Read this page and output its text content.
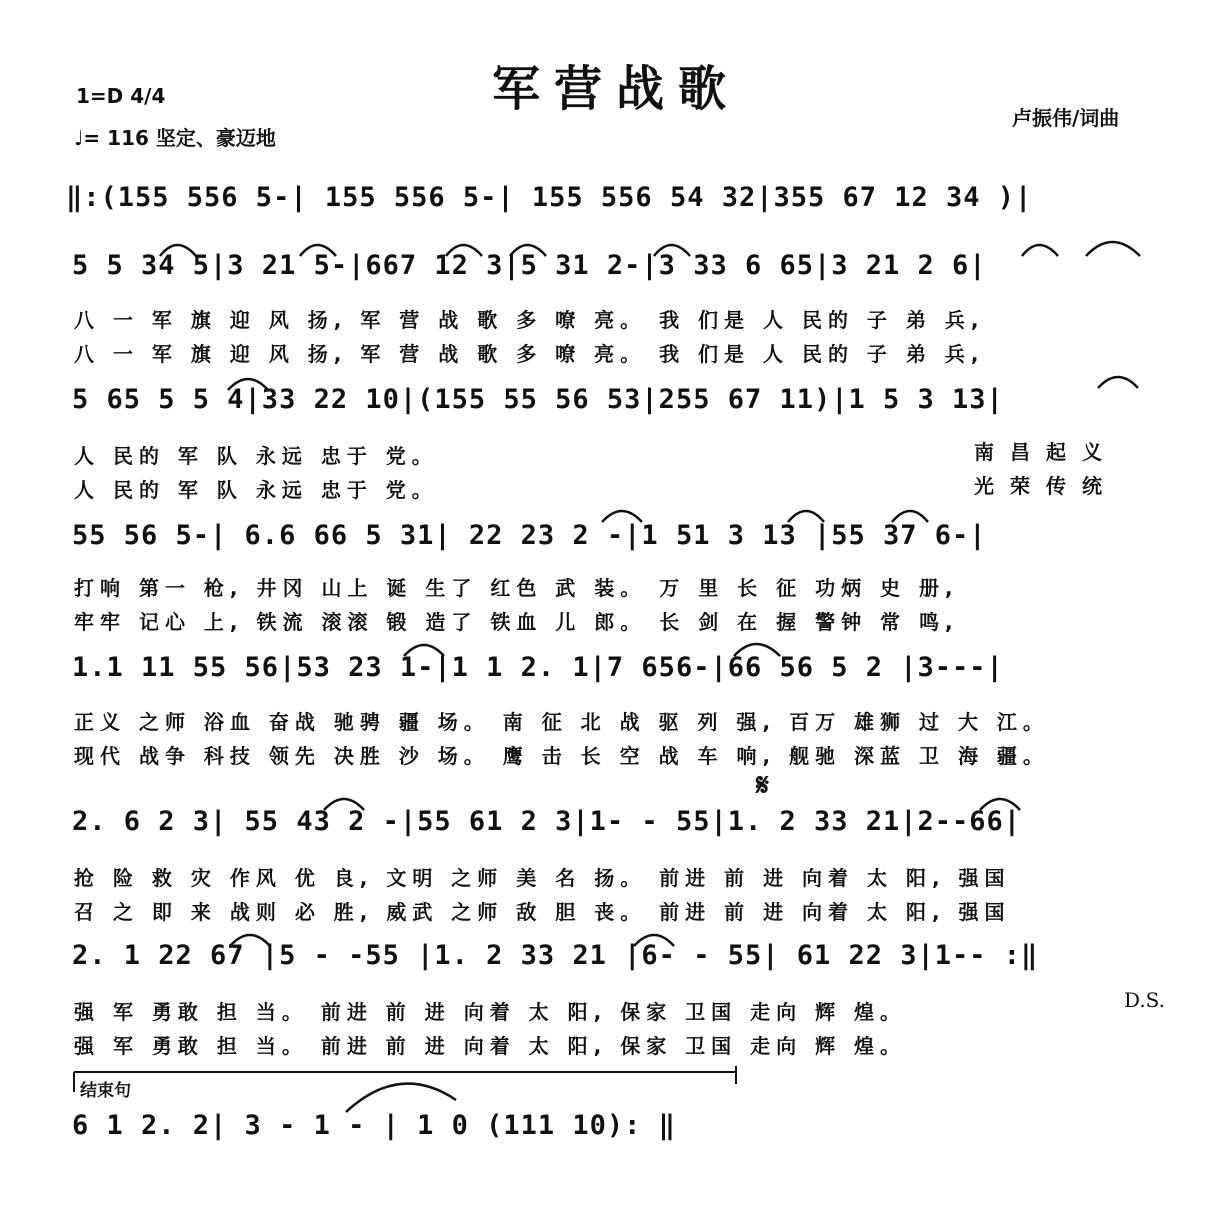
军营战歌
1=D 4/4
♩= 116 坚定、豪迈地
卢振伟/词曲
‖:(155 556 5-| 155 556 5-| 155 556 54 32|355 67 12 34 )|
5 5 34 5|3 21 5-|667 12 3|5 31 2-|3 33 6 65|3 21 2 6|
八 一 军 旗 迎 风 扬, 军 营 战 歌 多 嘹 亮。 我 们是 人 民的 子 弟 兵,
八 一 军 旗 迎 风 扬, 军 营 战 歌 多 嘹 亮。 我 们是 人 民的 子 弟 兵,
5 65 5 5 4|33 22 10|(155 55 56 53|255 67 11)|1 5 3 13|
人 民的 军 队 永远 忠于 党。
人 民的 军 队 永远 忠于 党。
南昌起义
光荣传统
55 56 5-| 6.6 66 5 31| 22 23 2 -|1 51 3 13 |55 37 6-|
打响 第一 枪, 井冈 山上 诞 生了 红色 武 装。 万 里 长 征 功炳 史 册,
牢牢 记心 上, 铁流 滚滚 锻 造了 铁血 儿 郎。 长 剑 在 握 警钟 常 鸣,
1.1 11 55 56|53 23 1-|1 1 2. 1|7 656-|66 56 5 2 |3---|
正义 之师 浴血 奋战 驰骋 疆 场。 南 征 北 战 驱 列 强, 百万 雄狮 过 大 江。
现代 战争 科技 领先 决胜 沙 场。 鹰 击 长 空 战 车 响, 舰驰 深蓝 卫 海 疆。
𝄋
2. 6 2 3| 55 43 2 -|55 61 2 3|1- - 55|1. 2 33 21|2--66|
抢 险 救 灾 作风 优 良, 文明 之师 美 名 扬。 前进 前 进 向着 太 阳, 强国
召 之 即 来 战则 必 胜, 威武 之师 敌 胆 丧。 前进 前 进 向着 太 阳, 强国
2. 1 22 67 |5 - -55 |1. 2 33 21 |6- - 55| 61 22 3|1-- :‖
强 军 勇敢 担 当。 前进 前 进 向着 太 阳, 保家 卫国 走向 辉 煌。
强 军 勇敢 担 当。 前进 前 进 向着 太 阳, 保家 卫国 走向 辉 煌。
D.S.
结束句
6 1 2. 2| 3 - 1 - | 1 0 (111 10): ‖
